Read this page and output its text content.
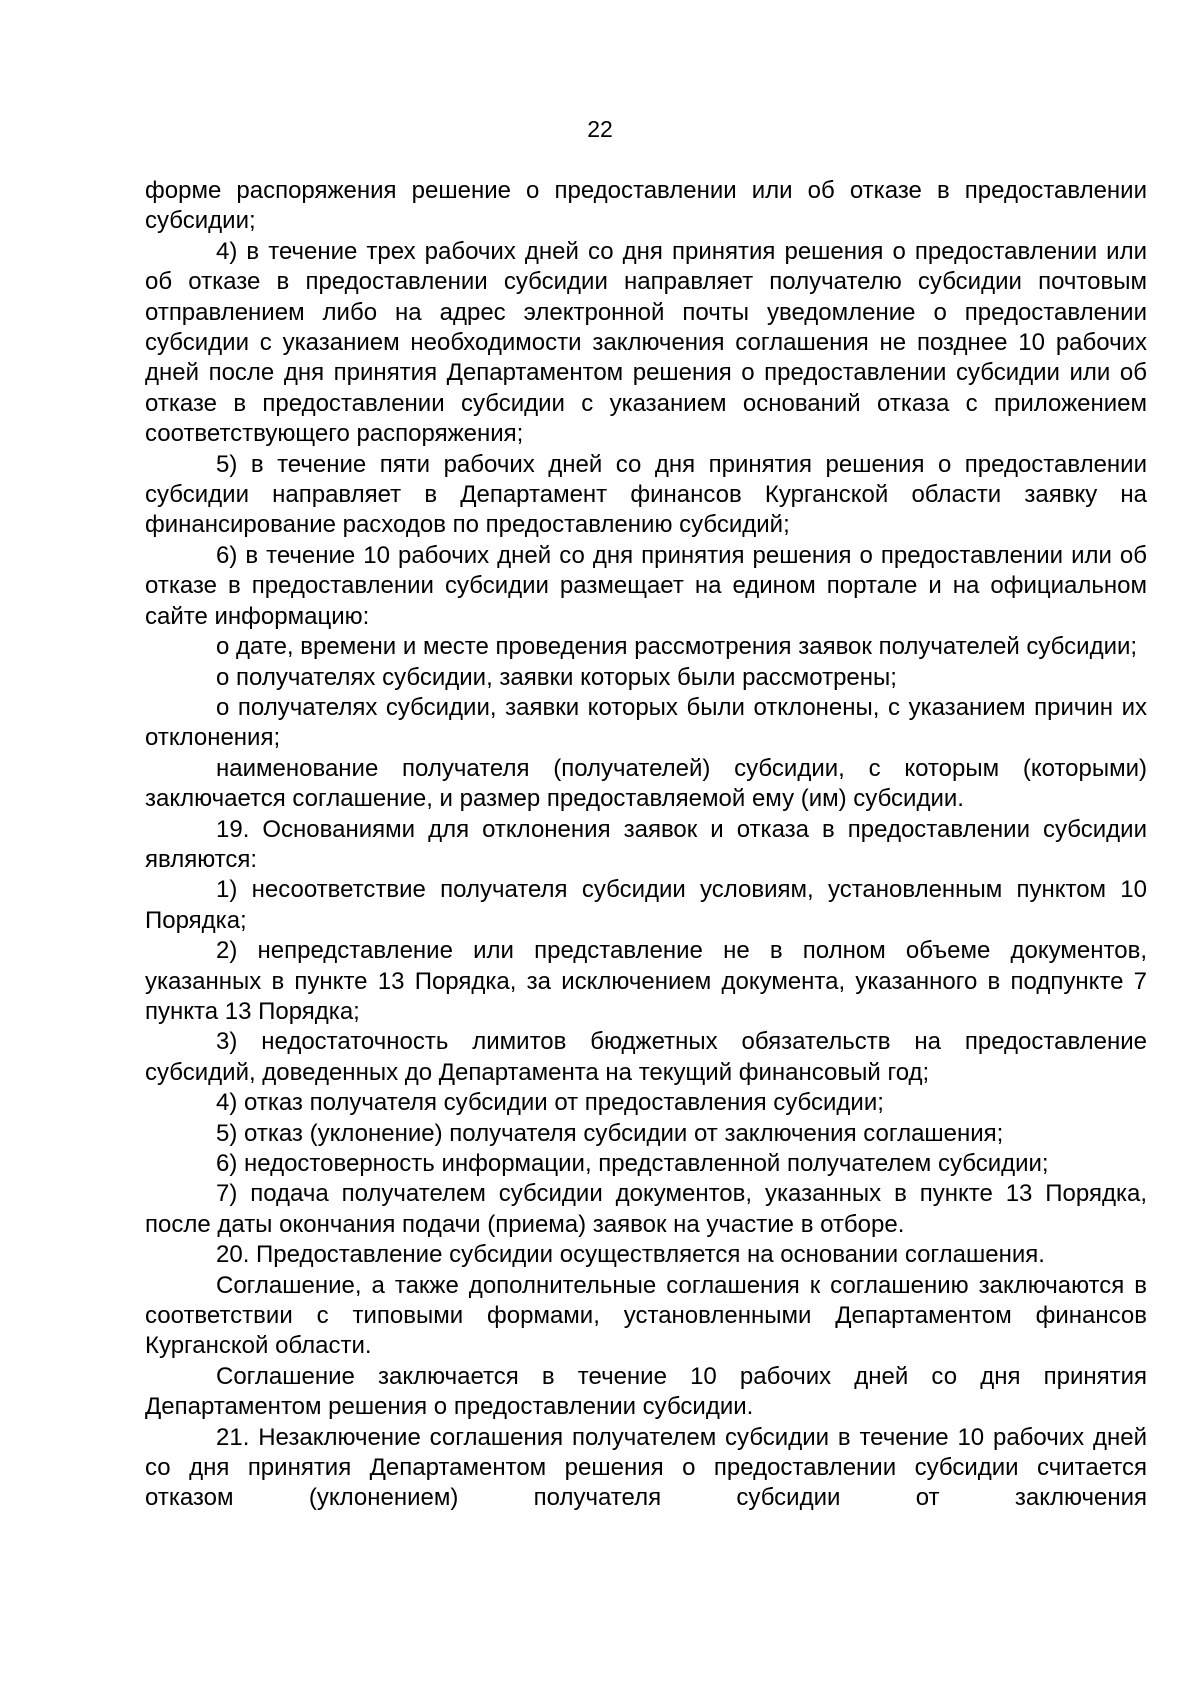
22

форме распоряжения решение о предоставлении или об отказе в предоставлении субсидии;

4) в течение трех рабочих дней со дня принятия решения о предоставлении или об отказе в предоставлении субсидии направляет получателю субсидии почтовым отправлением либо на адрес электронной почты уведомление о предоставлении субсидии с указанием необходимости заключения соглашения не позднее 10 рабочих дней после дня принятия Департаментом решения о предоставлении субсидии или об отказе в предоставлении субсидии с указанием оснований отказа с приложением соответствующего распоряжения;

5) в течение пяти рабочих дней со дня принятия решения о предоставлении субсидии направляет в Департамент финансов Курганской области заявку на финансирование расходов по предоставлению субсидий;

6) в течение 10 рабочих дней со дня принятия решения о предоставлении или об отказе в предоставлении субсидии размещает на едином портале и на официальном сайте информацию:

о дате, времени и месте проведения рассмотрения заявок получателей субсидии;

о получателях субсидии, заявки которых были рассмотрены;

о получателях субсидии, заявки которых были отклонены, с указанием причин их отклонения;

наименование получателя (получателей) субсидии, с которым (которыми) заключается соглашение, и размер предоставляемой ему (им) субсидии.

19. Основаниями для отклонения заявок и отказа в предоставлении субсидии являются:

1) несоответствие получателя субсидии условиям, установленным пунктом 10 Порядка;

2) непредставление или представление не в полном объеме документов, указанных в пункте 13 Порядка, за исключением документа, указанного в подпункте 7 пункта 13 Порядка;

3) недостаточность лимитов бюджетных обязательств на предоставление субсидий, доведенных до Департамента на текущий финансовый год;

4) отказ получателя субсидии от предоставления субсидии;

5) отказ (уклонение) получателя субсидии от заключения соглашения;

6) недостоверность информации, представленной получателем субсидии;

7) подача получателем субсидии документов, указанных в пункте 13 Порядка, после даты окончания подачи (приема) заявок на участие в отборе.

20. Предоставление субсидии осуществляется на основании соглашения.

Соглашение, а также дополнительные соглашения к соглашению заключаются в соответствии с типовыми формами, установленными Департаментом финансов Курганской области.

Соглашение заключается в течение 10 рабочих дней со дня принятия Департаментом решения о предоставлении субсидии.

21. Незаключение соглашения получателем субсидии в течение 10 рабочих дней со дня принятия Департаментом решения о предоставлении субсидии считается отказом (уклонением) получателя субсидии от заключения
